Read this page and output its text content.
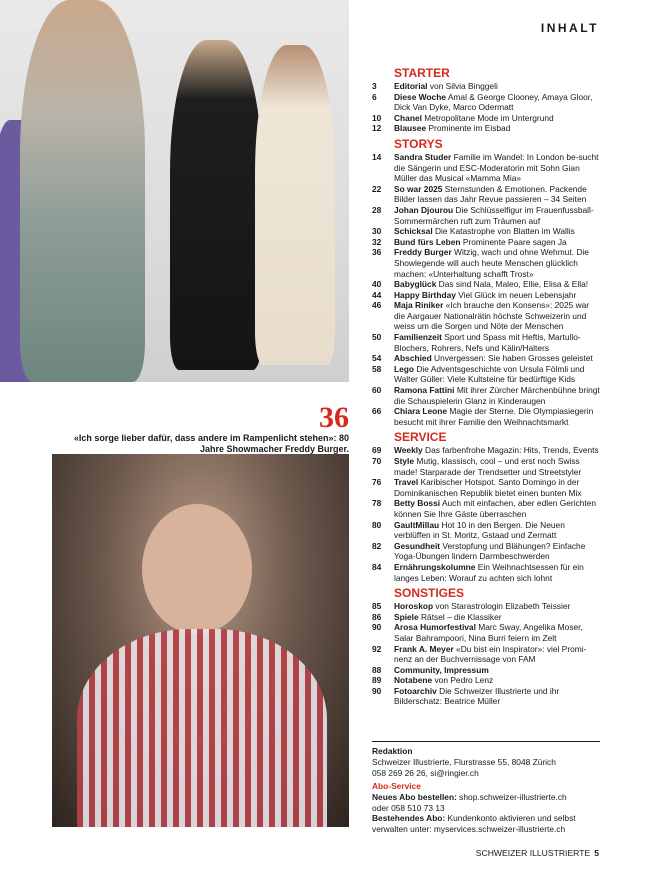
36
«Ich sorge lieber dafür, dass andere im Rampenlicht stehen»: 80 Jahre Showmacher Freddy Burger.
INHALT
STARTER
3	Editorial von Silvia Binggeli
6	Diese Woche Amal & George Clooney, Amaya Gloor, Dick Van Dyke, Marco Odermatt
10	Chanel Metropolitane Mode im Untergrund
12	Blausee Prominente im Eisbad
STORYS
14	Sandra Studer Familie im Wandel: In London be-sucht die Sängerin und ESC-Moderatorin mit Sohn Gian Müller das Musical «Mamma Mia»
22	So war 2025 Sternstunden & Emotionen. Packende Bilder lassen das Jahr Revue passieren – 34 Seiten
28	Johan Djourou Die Schlüsselfigur im Frauenfussball-Sommermärchen ruft zum Träumen auf
30	Schicksal Die Katastrophe von Blatten im Wallis
32	Bund fürs Leben Prominente Paare sagen Ja
36	Freddy Burger Witzig, wach und ohne Wehmut. Die Showlegende will auch heute Menschen glücklich machen: «Unterhaltung schafft Trost»
40	Babyglück Das sind Nala, Maleo, Ellie, Elisa & Ella!
44	Happy Birthday Viel Glück im neuen Lebensjahr
46	Maja Riniker «Ich brauche den Konsens»: 2025 war die Aargauer Nationalrätin höchste Schweizerin und weiss um die Sorgen und Nöte der Menschen
50	Familienzeit Sport und Spass mit Heftis, Martullo-Blochers, Rohrers, Nefs und Kälin/Halters
54	Abschied Unvergessen: Sie haben Grosses geleistet
58	Lego Die Adventsgeschichte von Ursula Fölmli und Walter Güller: Viele Kultsteine für bedürftige Kids
60	Ramona Fattini Mit ihrer Zürcher Märchenbühne bringt die Schauspielerin Glanz in Kinderaugen
66	Chiara Leone Magie der Sterne. Die Olympiasiegerin besucht mit ihrer Familie den Weihnachtsmarkt
SERVICE
69	Weekly Das farbenfrohe Magazin: Hits, Trends, Events
70	Style Mutig, klassisch, cool – und erst noch Swiss made! Starparade der Trendsetter und Streetstyler
76	Travel Karibischer Hotspot. Santo Domingo in der Dominikanischen Republik bietet einen bunten Mix
78	Betty Bossi Auch mit einfachen, aber edlen Gerichten können Sie Ihre Gäste überraschen
80	GaultMillau Hot 10 in den Bergen. Die Neuen verblüffen in St. Moritz, Gstaad und Zermatt
82	Gesundheit Verstopfung und Blähungen? Einfache Yoga-Übungen lindern Darmbeschwerden
84	Ernährungskolumne Ein Weihnachtsessen für ein langes Leben: Worauf zu achten sich lohnt
SONSTIGES
85	Horoskop von Starastrologin Elizabeth Teissier
86	Spiele Rätsel – die Klassiker
90	Arosa Humorfestival Marc Sway, Angelika Moser, Salar Bahrampoori, Nina Burri feiern im Zelt
92	Frank A. Meyer «Du bist ein Inspirator»: viel Promi-nenz an der Buchvernissage von FAM
88	Community, Impressum
89	Notabene von Pedro Lenz
90	Fotoarchiv Die Schweizer Illustrierte und ihr Bilderschatz: Beatrice Müller
Redaktion
Schweizer Illustrierte, Flurstrasse 55, 8048 Zürich
058 269 26 26, si@ringier.ch
Abo-Service
Neues Abo bestellen: shop.schweizer-illustrierte.ch
oder 058 510 73 13
Bestehendes Abo: Kundenkonto aktivieren und selbst verwalten unter: myservices.schweizer-illustrierte.ch
SCHWEIZER ILLUSTRIERTE 5
